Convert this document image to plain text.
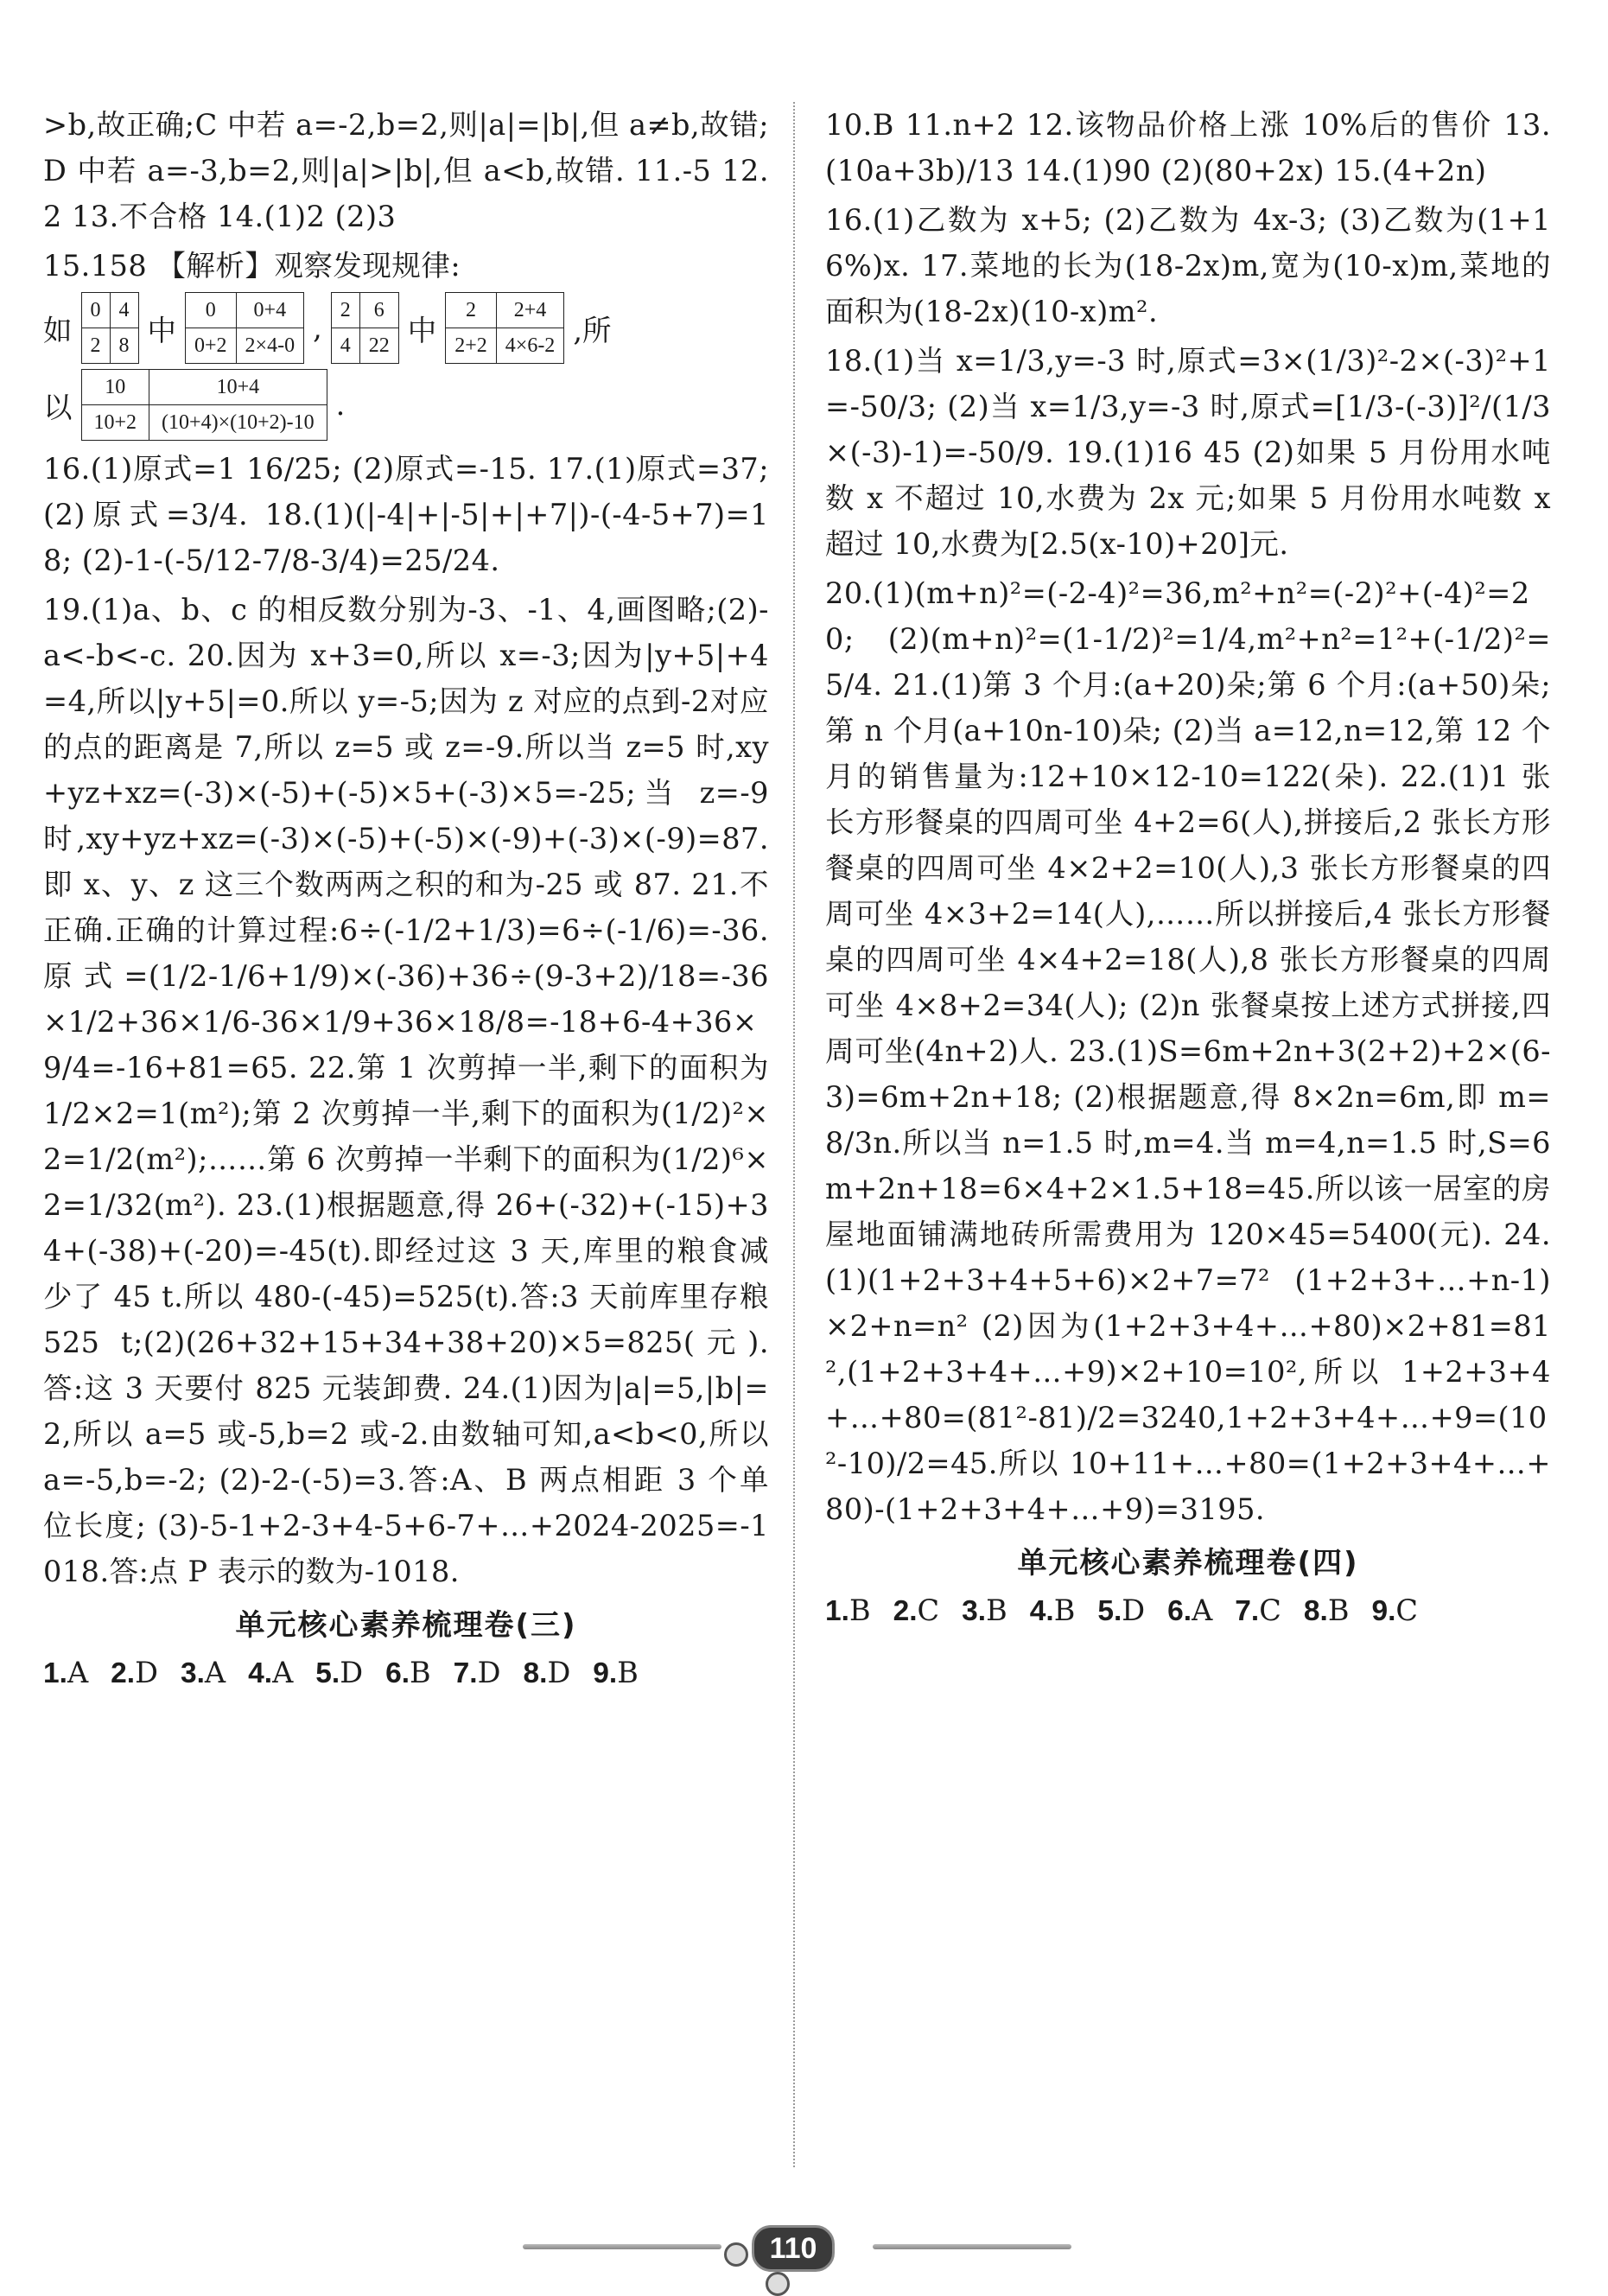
>b,故正确;C 中若 a=-2,b=2,则|a|=|b|,但 a≠b,故错;D 中若 a=-3,b=2,则|a|>|b|,但 a<b,故错. 11.-5 12.2 13.不合格 14.(1)2 (2)3

15.158 【解析】观察发现规律:

如
0	4
2	8 中
0	0+4
0+2	2×4-0
,
2	6
4	22 中
2	2+4
2+2	4×6-2 ,所
以
10	10+4
10+2	(10+4)×(10+2)-10
.

16.(1)原式=1 16/25; (2)原式=-15. 17.(1)原式=37; (2)原式=3/4. 18.(1)(|-4|+|-5|+|+7|)-(-4-5+7)=18; (2)-1-(-5/12-7/8-3/4)=25/24.

19.(1)a、b、c 的相反数分别为-3、-1、4,画图略;(2)-a<-b<-c. 20.因为 x+3=0,所以 x=-3;因为|y+5|+4=4,所以|y+5|=0.所以 y=-5;因为 z 对应的点到-2对应的点的距离是 7,所以 z=5 或 z=-9.所以当 z=5 时,xy+yz+xz=(-3)×(-5)+(-5)×5+(-3)×5=-25;当 z=-9时,xy+yz+xz=(-3)×(-5)+(-5)×(-9)+(-3)×(-9)=87.即 x、y、z 这三个数两两之积的和为-25 或 87. 21.不正确.正确的计算过程:6÷(-1/2+1/3)=6÷(-1/6)=-36.原式=(1/2-1/6+1/9)×(-36)+36÷(9-3+2)/18=-36×1/2+36×1/6-36×1/9+36×18/8=-18+6-4+36×9/4=-16+81=65. 22.第 1 次剪掉一半,剩下的面积为1/2×2=1(m²);第 2 次剪掉一半,剩下的面积为(1/2)²×2=1/2(m²);……第 6 次剪掉一半剩下的面积为(1/2)⁶×2=1/32(m²). 23.(1)根据题意,得 26+(-32)+(-15)+34+(-38)+(-20)=-45(t).即经过这 3 天,库里的粮食减少了 45 t.所以 480-(-45)=525(t).答:3 天前库里存粮 525 t;(2)(26+32+15+34+38+20)×5=825(元).答:这 3 天要付 825 元装卸费. 24.(1)因为|a|=5,|b|=2,所以 a=5 或-5,b=2 或-2.由数轴可知,a<b<0,所以 a=-5,b=-2; (2)-2-(-5)=3.答:A、B 两点相距 3 个单位长度; (3)-5-1+2-3+4-5+6-7+…+2024-2025=-1018.答:点 P 表示的数为-1018.

单元核心素养梳理卷(三)
1.A 2.D 3.A 4.A 5.D 6.B 7.D 8.D 9.B

10.B 11.n+2 12.该物品价格上涨 10%后的售价 13.(10a+3b)/13 14.(1)90 (2)(80+2x) 15.(4+2n)

16.(1)乙数为 x+5; (2)乙数为 4x-3; (3)乙数为(1+16%)x. 17.菜地的长为(18-2x)m,宽为(10-x)m,菜地的面积为(18-2x)(10-x)m².

18.(1)当 x=1/3,y=-3 时,原式=3×(1/3)²-2×(-3)²+1=-50/3; (2)当 x=1/3,y=-3 时,原式=[1/3-(-3)]²/(1/3×(-3)-1)=-50/9. 19.(1)16 45 (2)如果 5 月份用水吨数 x 不超过 10,水费为 2x 元;如果 5 月份用水吨数 x 超过 10,水费为[2.5(x-10)+20]元.

20.(1)(m+n)²=(-2-4)²=36,m²+n²=(-2)²+(-4)²=20; (2)(m+n)²=(1-1/2)²=1/4,m²+n²=1²+(-1/2)²=5/4. 21.(1)第 3 个月:(a+20)朵;第 6 个月:(a+50)朵;第 n 个月(a+10n-10)朵; (2)当 a=12,n=12,第 12 个月的销售量为:12+10×12-10=122(朵). 22.(1)1 张长方形餐桌的四周可坐 4+2=6(人),拼接后,2 张长方形餐桌的四周可坐 4×2+2=10(人),3 张长方形餐桌的四周可坐 4×3+2=14(人),……所以拼接后,4 张长方形餐桌的四周可坐 4×4+2=18(人),8 张长方形餐桌的四周可坐 4×8+2=34(人); (2)n 张餐桌按上述方式拼接,四周可坐(4n+2)人. 23.(1)S=6m+2n+3(2+2)+2×(6-3)=6m+2n+18; (2)根据题意,得 8×2n=6m,即 m=8/3n.所以当 n=1.5 时,m=4.当 m=4,n=1.5 时,S=6m+2n+18=6×4+2×1.5+18=45.所以该一居室的房屋地面铺满地砖所需费用为 120×45=5400(元). 24.(1)(1+2+3+4+5+6)×2+7=7² (1+2+3+…+n-1)×2+n=n² (2)因为(1+2+3+4+…+80)×2+81=81²,(1+2+3+4+…+9)×2+10=10²,所以 1+2+3+4+…+80=(81²-81)/2=3240,1+2+3+4+…+9=(10²-10)/2=45.所以 10+11+…+80=(1+2+3+4+…+80)-(1+2+3+4+…+9)=3195.

单元核心素养梳理卷(四)
1.B 2.C 3.B 4.B 5.D 6.A 7.C 8.B 9.C
110
